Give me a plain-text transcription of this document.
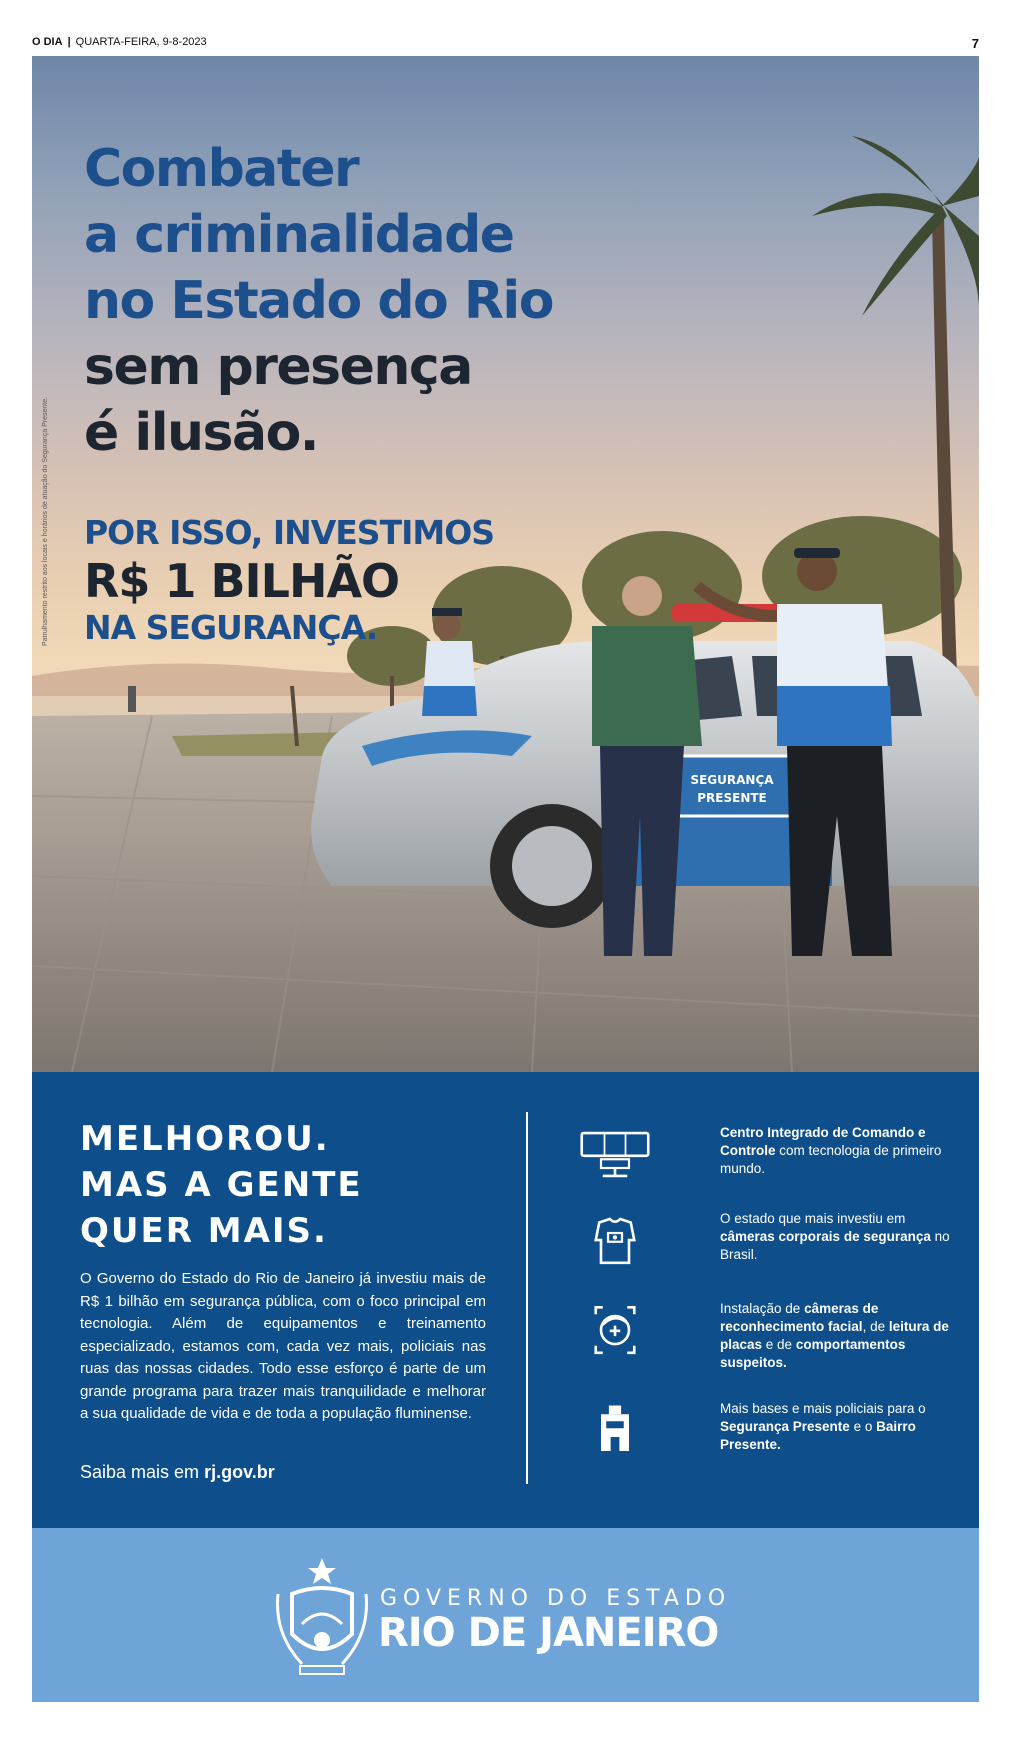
O DIA | QUARTA-FEIRA, 9-8-2023	7
SEGURANÇA
PRESENTE
Patrulhamento restrito aos locais e horários de atuação do Segurança Presente.
Combater
a criminalidade
no Estado do Rio
sem presença
é ilusão.
POR ISSO, INVESTIMOS
R$ 1 BILHÃO
NA SEGURANÇA.
MELHOROU.
MAS A GENTE
QUER MAIS.
O Governo do Estado do Rio de Janeiro já investiu mais de R$ 1 bilhão em segurança pública, com o foco principal em tecnologia. Além de equipamentos e treinamento especializado, estamos com, cada vez mais, policiais nas ruas das nossas cidades. Todo esse esforço é parte de um grande programa para trazer mais tranquilidade e melhorar a sua qualidade de vida e de toda a população fluminense.
Saiba mais em rj.gov.br
Centro Integrado de Comando e Controle com tecnologia de primeiro mundo.
O estado que mais investiu em câmeras corporais de segurança no Brasil.
Instalação de câmeras de reconhecimento facial, de leitura de placas e de comportamentos suspeitos.
Mais bases e mais policiais para o Segurança Presente e o Bairro Presente.
GOVERNO DO ESTADO
RIO DE JANEIRO
